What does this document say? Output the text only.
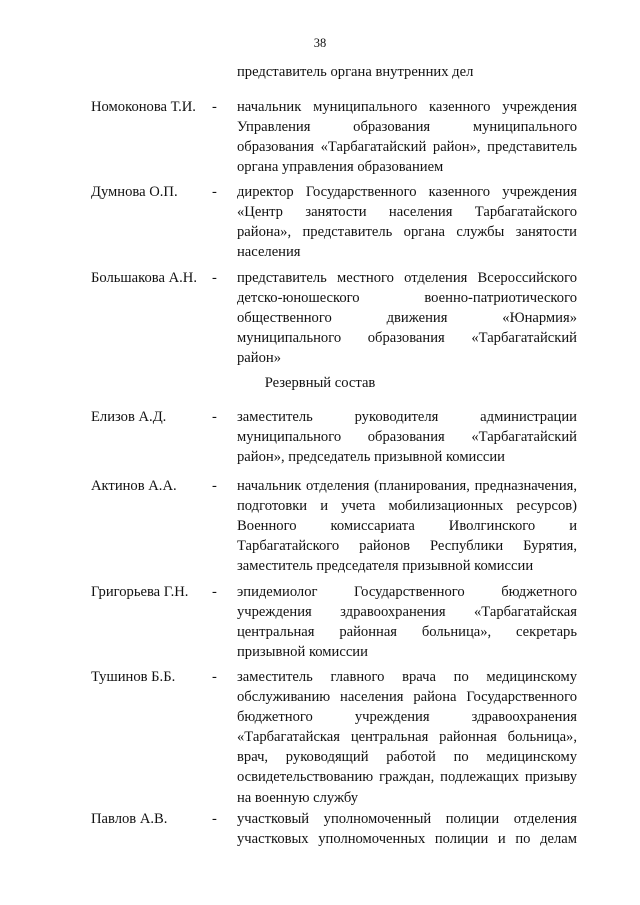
38
представитель органа внутренних дел
Номоконова Т.И. - начальник муниципального казенного учреждения
Управления образования муниципального
образования «Тарбагатайский район», представитель
органа управления образованием
Думнова О.П. - директор Государственного казенного учреждения
«Центр занятости населения Тарбагатайского
района», представитель органа службы занятости
населения
Большакова А.Н. - представитель местного отделения Всероссийского
детско-юношеского военно-патриотического
общественного движения «Юнармия»
муниципального образования «Тарбагатайский
район»
Резервный состав
Елизов А.Д.	- заместитель руководителя администрации
муниципального образования «Тарбагатайский
район», председатель призывной комиссии
Актинов А.А. - начальник отделения (планирования, предназначения,
подготовки и учета мобилизационных ресурсов)
Военного комиссариата Иволгинского и
Тарбагатайского районов Республики Бурятия,
заместитель председателя призывной комиссии
Григорьева Г.Н. - эпидемиолог Государственного бюджетного
учреждения здравоохранения «Тарбагатайская
центральная районная больница», секретарь
призывной комиссии
Тушинов Б.Б.	- заместитель главного врача по медицинскому
обслуживанию населения района Государственного
бюджетного учреждения здравоохранения
«Тарбагатайская центральная районная больница»,
врач, руководящий работой по медицинскому
освидетельствованию граждан, подлежащих призыву
на военную службу
Павлов А.В.	- участковый уполномоченный полиции отделения
участковых уполномоченных полиции и по делам
